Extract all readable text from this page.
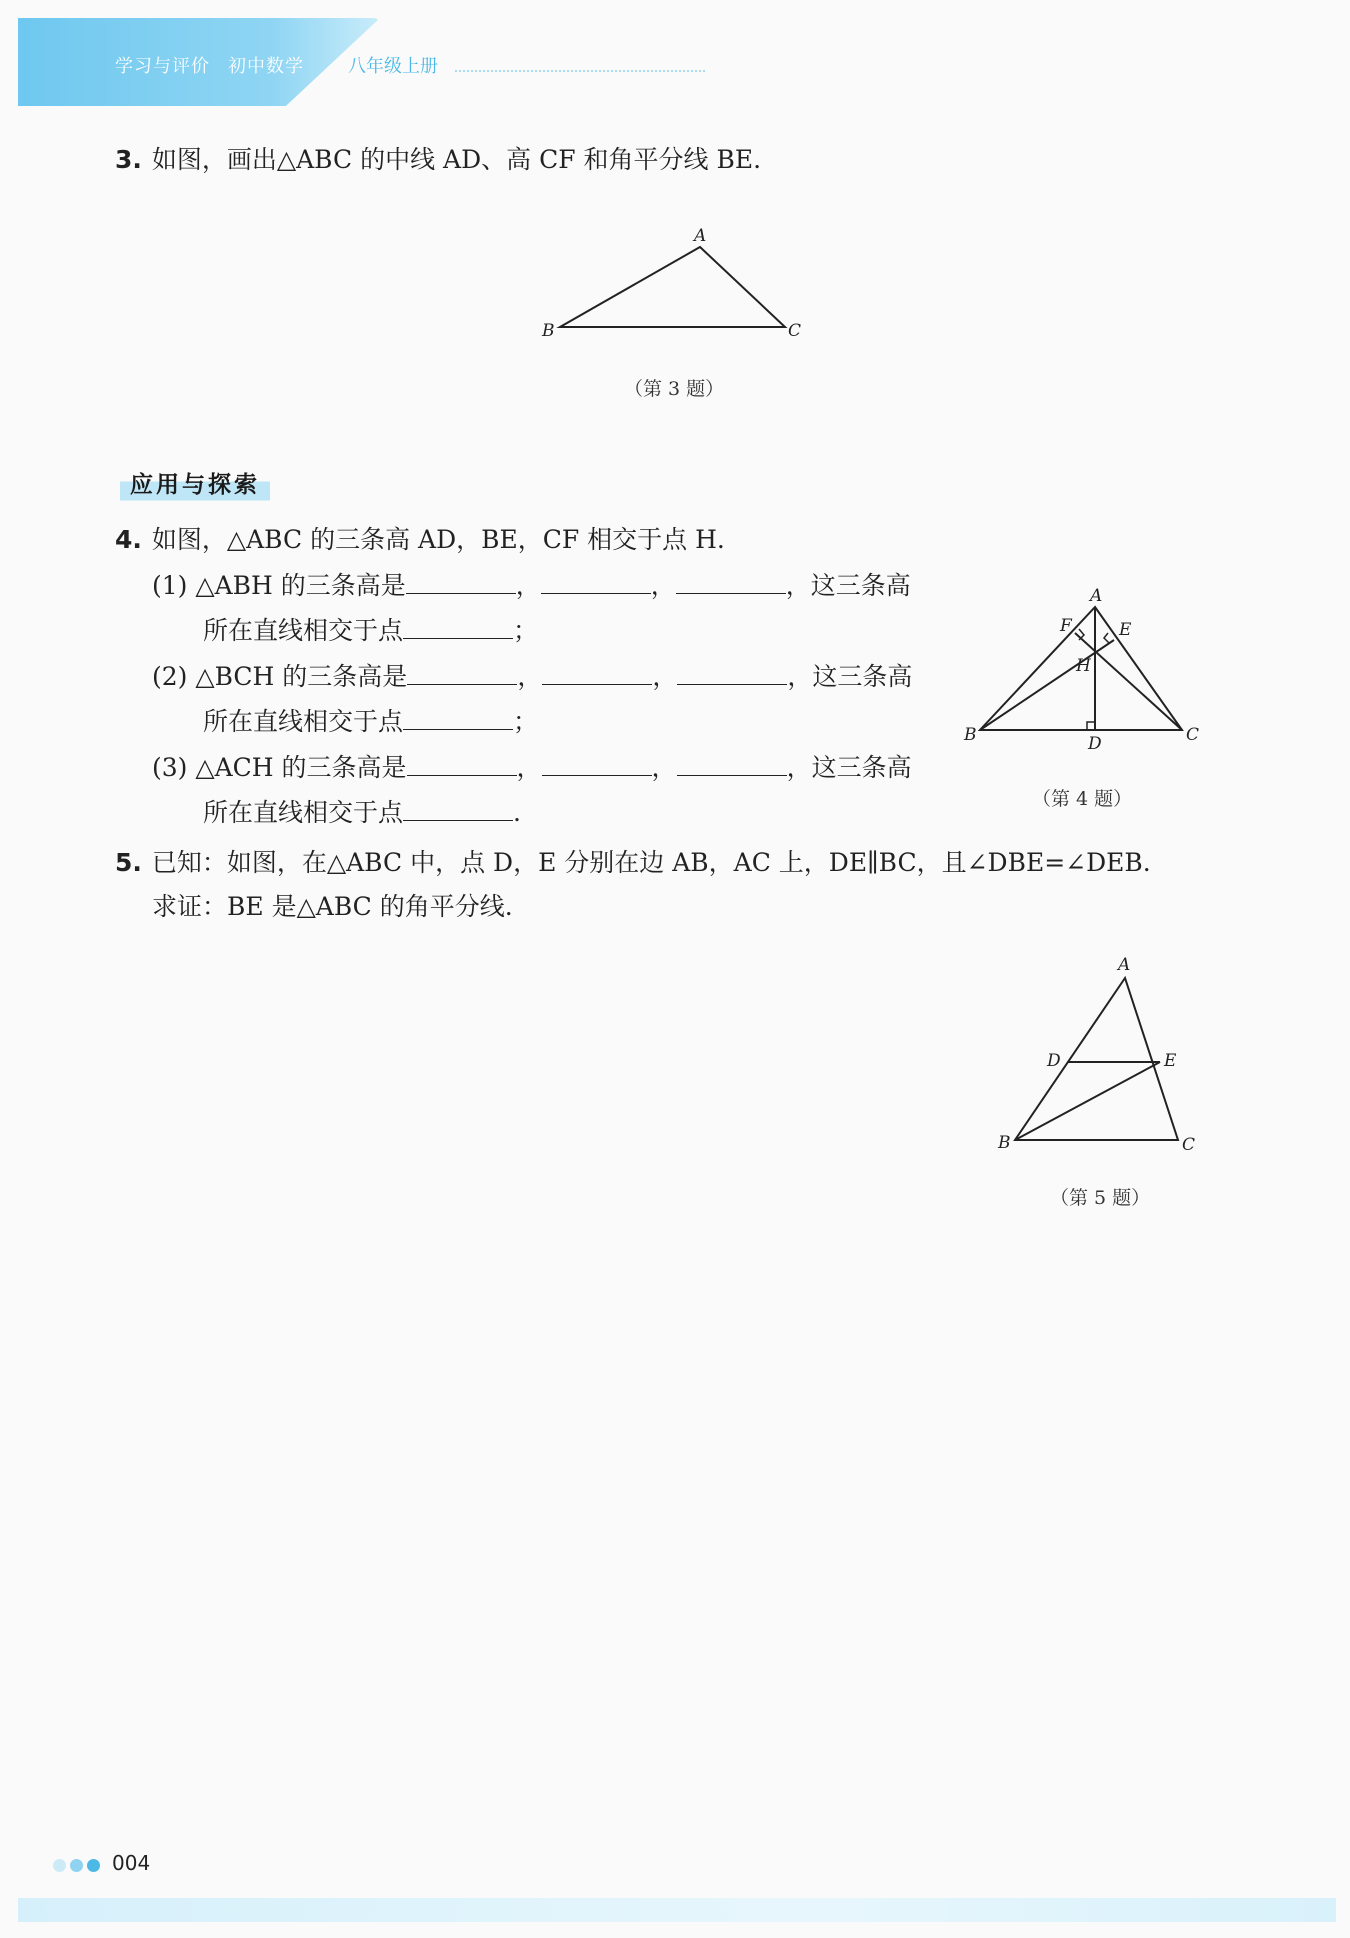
学习与评价 初中数学	八年级上册
3. 如图，画出△ABC 的中线 AD、高 CF 和角平分线 BE.
A
B	C
（第 3 题）
应用与探索
4. 如图，△ABC 的三条高 AD，BE，CF 相交于点 H.
(1) △ABH 的三条高是	，	，	，这三条高
所在直线相交于点	；
(2) △BCH 的三条高是	，	，	，这三条高
所在直线相交于点	；
(3) △ACH 的三条高是	，	，	，这三条高
所在直线相交于点	.
A
B	C
D
E
F
H
（第 4 题）
5. 已知：如图，在△ABC 中，点 D，E 分别在边 AB，AC 上，DE∥BC，且∠DBE=∠DEB.
求证：BE 是△ABC 的角平分线.
A
B	C
D	E
（第 5 题）
004
